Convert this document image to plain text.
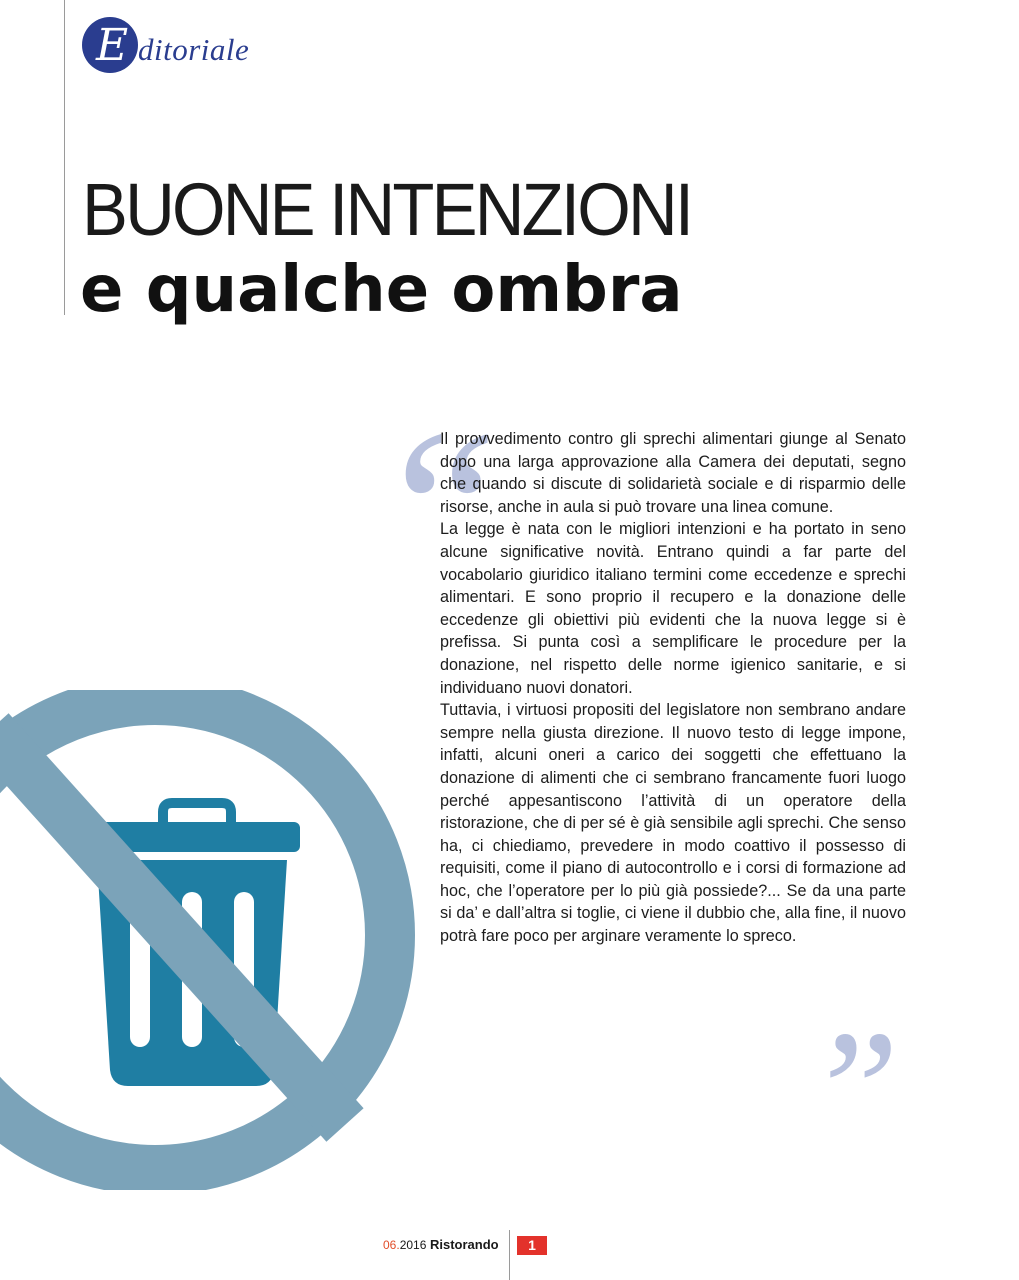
E ditoriale
BUONE INTENZIONI
e qualche ombra
“

Il provvedimento contro gli sprechi alimentari giunge al Senato dopo una larga approvazione alla Camera dei deputati, segno che quando si discute di solidarietà sociale e di risparmio delle risorse, anche in aula si può trovare una linea comune.

La legge è nata con le migliori intenzioni e ha portato in seno alcune significative novità. Entrano quindi a far parte del vocabolario giuridico italiano termini come eccedenze e sprechi alimentari. E sono proprio il recupero e la donazione delle eccedenze gli obiettivi più evidenti che la nuova legge si è prefissa. Si punta così a semplificare le procedure per la donazione, nel rispetto delle norme igienico sanitarie, e si individuano nuovi donatori.

Tuttavia, i virtuosi propositi del legislatore non sembrano andare sempre nella giusta direzione. Il nuovo testo di legge impone, infatti, alcuni oneri a carico dei soggetti che effettuano la donazione di alimenti che ci sembrano francamente fuori luogo perché appesantiscono l’attività di un operatore della ristorazione, che di per sé è già sensibile agli sprechi. Che senso ha, ci chiediamo, prevedere in modo coattivo il possesso di requisiti, come il piano di autocontrollo e i corsi di formazione ad hoc, che l’operatore per lo più già possiede?... Se da una parte si da’ e dall’altra si toglie, ci viene il dubbio che, alla fine, il nuovo potrà fare poco per arginare veramente lo spreco.

”
06.2016 Ristorando	1
